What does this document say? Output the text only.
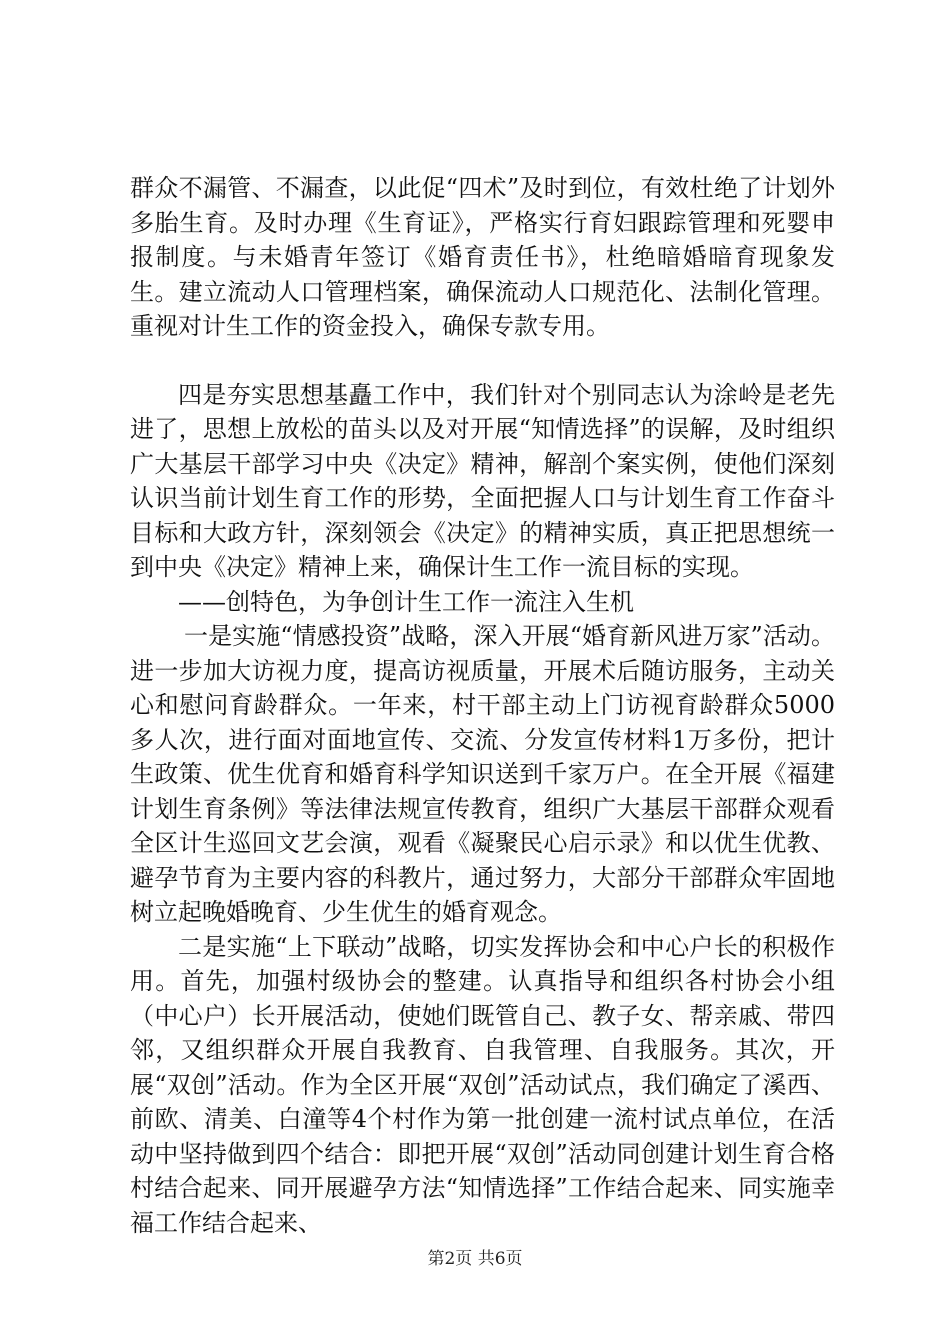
群众不漏管、不漏查，以此促“四术”及时到位，有效杜绝了计划外多胎生育。及时办理《生育证》，严格实行育妇跟踪管理和死婴申报制度。与未婚青年签订《婚育责任书》，杜绝暗婚暗育现象发生。建立流动人口管理档案，确保流动人口规范化、法制化管理。重视对计生工作的资金投入，确保专款专用。

四是夯实思想基矗工作中，我们针对个别同志认为涂岭是老先进了，思想上放松的苗头以及对开展“知情选择”的误解，及时组织广大基层干部学习中央《决定》精神，解剖个案实例，使他们深刻认识当前计划生育工作的形势，全面把握人口与计划生育工作奋斗目标和大政方针，深刻领会《决定》的精神实质，真正把思想统一到中央《决定》精神上来，确保计生工作一流目标的实现。

——创特色，为争创计生工作一流注入生机

一是实施“情感投资”战略，深入开展“婚育新风进万家”活动。进一步加大访视力度，提高访视质量，开展术后随访服务，主动关心和慰问育龄群众。一年来，村干部主动上门访视育龄群众5000多人次，进行面对面地宣传、交流、分发宣传材料1万多份，把计生政策、优生优育和婚育科学知识送到千家万户。在全开展《福建计划生育条例》等法律法规宣传教育，组织广大基层干部群众观看全区计生巡回文艺会演，观看《凝聚民心启示录》和以优生优教、避孕节育为主要内容的科教片，通过努力，大部分干部群众牢固地树立起晚婚晚育、少生优生的婚育观念。

二是实施“上下联动”战略，切实发挥协会和中心户长的积极作用。首先，加强村级协会的整建。认真指导和组织各村协会小组（中心户）长开展活动，使她们既管自己、教子女、帮亲戚、带四邻，又组织群众开展自我教育、自我管理、自我服务。其次，开展“双创”活动。作为全区开展“双创”活动试点，我们确定了溪西、前欧、清美、白潼等4个村作为第一批创建一流村试点单位，在活动中坚持做到四个结合：即把开展“双创”活动同创建计划生育合格村结合起来、同开展避孕方法“知情选择”工作结合起来、同实施幸福工作结合起来、

第2页 共6页
